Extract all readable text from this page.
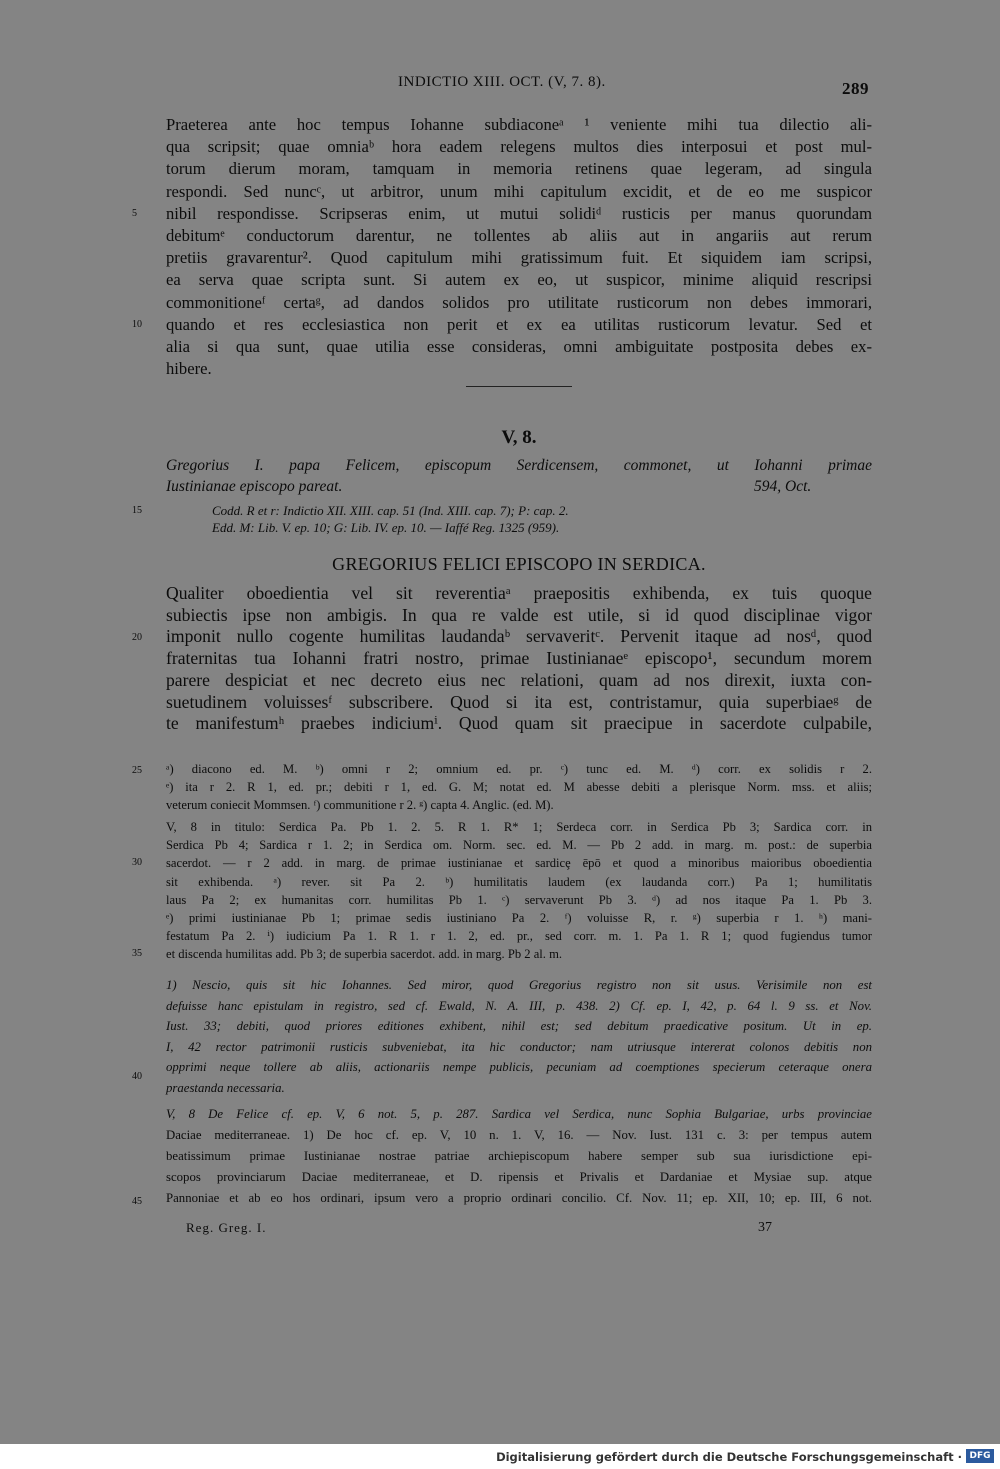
INDICTIO XIII. OCT. (V, 7. 8).	289
Praeterea ante hoc tempus Iohanne subdiaconeᵃ ¹ veniente mihi tua dilectio ali-
qua scripsit; quae omniaᵇ hora eadem relegens multos dies interposui et post mul-
torum dierum moram, tamquam in memoria retinens quae legeram, ad singula
respondi. Sed nuncᶜ, ut arbitror, unum mihi capitulum excidit, et de eo me suspicor
nibil respondisse. Scripseras enim, ut mutui solidiᵈ rusticis per manus quorundam
debitumᵉ conductorum darentur, ne tollentes ab aliis aut in angariis aut rerum
pretiis gravarentur². Quod capitulum mihi gratissimum fuit. Et siquidem iam scripsi,
ea serva quae scripta sunt. Si autem ex eo, ut suspicor, minime aliquid rescripsi
commonitioneᶠ certaᵍ, ad dandos solidos pro utilitate rusticorum non debes immorari,
quando et res ecclesiastica non perit et ex ea utilitas rusticorum levatur. Sed et
alia si qua sunt, quae utilia esse consideras, omni ambiguitate postposita debes ex-
hibere.
V, 8.
Gregorius I. papa Felicem, episcopum Serdicensem, commonet, ut Iohanni primae
Iustinianae episcopo pareat.	594, Oct.
Codd. R et r: Indictio XII. XIII. cap. 51 (Ind. XIII. cap. 7); P: cap. 2.
Edd. M: Lib. V. ep. 10; G: Lib. IV. ep. 10. — Iaffé Reg. 1325 (959).
GREGORIUS FELICI EPISCOPO IN SERDICA.
Qualiter oboedientia vel sit reverentiaᵃ praepositis exhibenda, ex tuis quoque
subiectis ipse non ambigis. In qua re valde est utile, si id quod disciplinae vigor
imponit nullo cogente humilitas laudandaᵇ servaveritᶜ. Pervenit itaque ad nosᵈ, quod
fraternitas tua Iohanni fratri nostro, primae Iustinianaeᵉ episcopo¹, secundum morem
parere despiciat et nec decreto eius nec relationi, quam ad nos direxit, iuxta con-
suetudinem voluissesᶠ subscribere. Quod si ita est, contristamur, quia superbiaeᵍ de
te manifestumʰ praebes indiciumⁱ. Quod quam sit praecipue in sacerdote culpabile,
ᵃ) diacono ed. M. ᵇ) omni r 2; omnium ed. pr. ᶜ) tunc ed. M. ᵈ) corr. ex solidis r 2.
ᵉ) ita r 2. R 1, ed. pr.; debiti r 1, ed. G. M; notat ed. M abesse debiti a plerisque Norm. mss. et aliis;
veterum coniecit Mommsen. ᶠ) communitione r 2. ᵍ) capta 4. Anglic. (ed. M).
V, 8 in titulo: Serdica Pa. Pb 1. 2. 5. R 1. R* 1; Serdeca corr. in Serdica Pb 3; Sardica corr. in
Serdica Pb 4; Sardica r 1. 2; in Serdica om. Norm. sec. ed. M. — Pb 2 add. in marg. m. post.: de superbia
sacerdot. — r 2 add. in marg. de primae iustinianae et sardicȩ ēpō et quod a minoribus maioribus oboedientia
sit exhibenda. ᵃ) rever. sit Pa 2. ᵇ) humilitatis laudem (ex laudanda corr.) Pa 1; humilitatis
laus Pa 2; ex humanitas corr. humilitas Pb 1. ᶜ) servaverunt Pb 3. ᵈ) ad nos itaque Pa 1. Pb 3.
ᵉ) primi iustinianae Pb 1; primae sedis iustiniano Pa 2. ᶠ) voluisse R, r. ᵍ) superbia r 1. ʰ) mani-
festatum Pa 2. ⁱ) iudicium Pa 1. R 1. r 1. 2, ed. pr., sed corr. m. 1. Pa 1. R 1; quod fugiendus tumor
et discenda humilitas add. Pb 3; de superbia sacerdot. add. in marg. Pb 2 al. m.
1) Nescio, quis sit hic Iohannes. Sed miror, quod Gregorius registro non sit usus. Verisimile non est
defuisse hanc epistulam in registro, sed cf. Ewald, N. A. III, p. 438. 2) Cf. ep. I, 42, p. 64 l. 9 ss. et Nov.
Iust. 33; debiti, quod priores editiones exhibent, nihil est; sed debitum praedicative positum. Ut in ep.
I, 42 rector patrimonii rusticis subveniebat, ita hic conductor; nam utriusque intererat colonos debitis non
opprimi neque tollere ab aliis, actionariis nempe publicis, pecuniam ad coemptiones specierum ceteraque onera
praestanda necessaria.
V, 8 De Felice cf. ep. V, 6 not. 5, p. 287. Sardica vel Serdica, nunc Sophia Bulgariae, urbs provinciae
Daciae mediterraneae. 1) De hoc cf. ep. V, 10 n. 1. V, 16. — Nov. Iust. 131 c. 3: per tempus autem
beatissimum primae Iustinianae nostrae patriae archiepiscopum habere semper sub sua iurisdictione epi-
scopos provinciarum Daciae mediterraneae, et D. ripensis et Privalis et Dardaniae et Mysiae sup. atque
Pannoniae et ab eo hos ordinari, ipsum vero a proprio ordinari concilio. Cf. Nov. 11; ep. XII, 10; ep. III, 6 not.
Reg. Greg. I.	37
5
10
15
20
25
30
35
40
45
Digitalisierung gefördert durch die Deutsche Forschungsgemeinschaft · DFG
